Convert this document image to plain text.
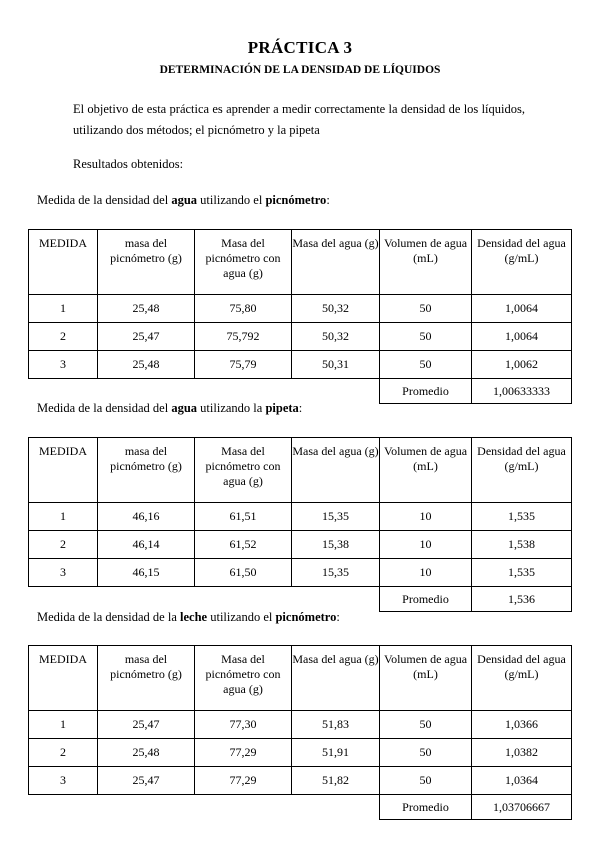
PRÁCTICA 3
DETERMINACIÓN DE LA DENSIDAD DE LÍQUIDOS
El objetivo de esta práctica es aprender a medir correctamente la densidad de los líquidos, utilizando dos métodos; el picnómetro y la pipeta
Resultados obtenidos:
Medida de la densidad del agua utilizando el picnómetro:
MEDIDA	masa del picnómetro (g)	Masa del picnómetro con agua (g)	Masa del agua (g)	Volumen de agua (mL)	Densidad del agua (g/mL)
1	25,48	75,80	50,32	50	1,0064
2	25,47	75,792	50,32	50	1,0064
3	25,48	75,79	50,31	50	1,0062
				Promedio	1,00633333
Medida de la densidad del agua utilizando la pipeta:
MEDIDA	masa del picnómetro (g)	Masa del picnómetro con agua (g)	Masa del agua (g)	Volumen de agua (mL)	Densidad del agua (g/mL)
1	46,16	61,51	15,35	10	1,535
2	46,14	61,52	15,38	10	1,538
3	46,15	61,50	15,35	10	1,535
				Promedio	1,536
Medida de la densidad de la leche utilizando el picnómetro:
MEDIDA	masa del picnómetro (g)	Masa del picnómetro con agua (g)	Masa del agua (g)	Volumen de agua (mL)	Densidad del agua (g/mL)
1	25,47	77,30	51,83	50	1,0366
2	25,48	77,29	51,91	50	1,0382
3	25,47	77,29	51,82	50	1,0364
				Promedio	1,03706667
